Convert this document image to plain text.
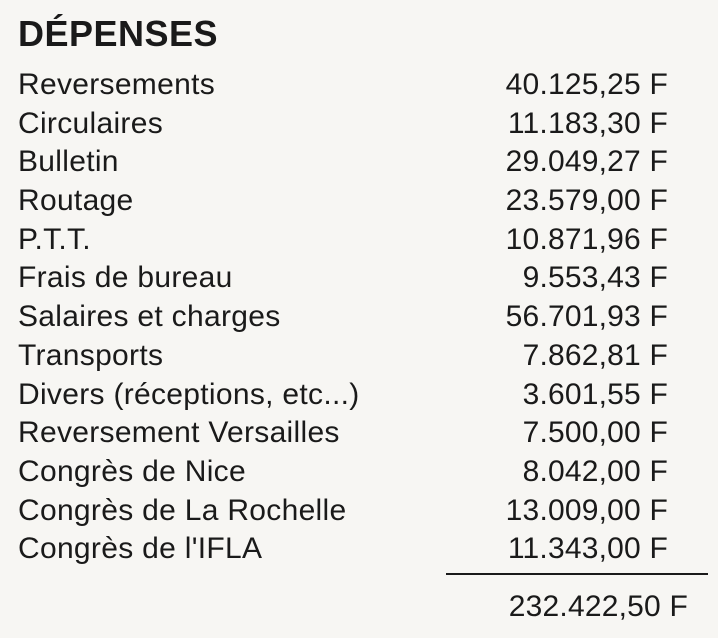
DÉPENSES
Reversements	40.125,25 F
Circulaires	11.183,30 F
Bulletin	29.049,27 F
Routage	23.579,00 F
P.T.T.	10.871,96 F
Frais de bureau	9.553,43 F
Salaires et charges	56.701,93 F
Transports	7.862,81 F
Divers (réceptions, etc...)	3.601,55 F
Reversement Versailles	7.500,00 F
Congrès de Nice	8.042,00 F
Congrès de La Rochelle	13.009,00 F
Congrès de l'IFLA	11.343,00 F
232.422,50 F
